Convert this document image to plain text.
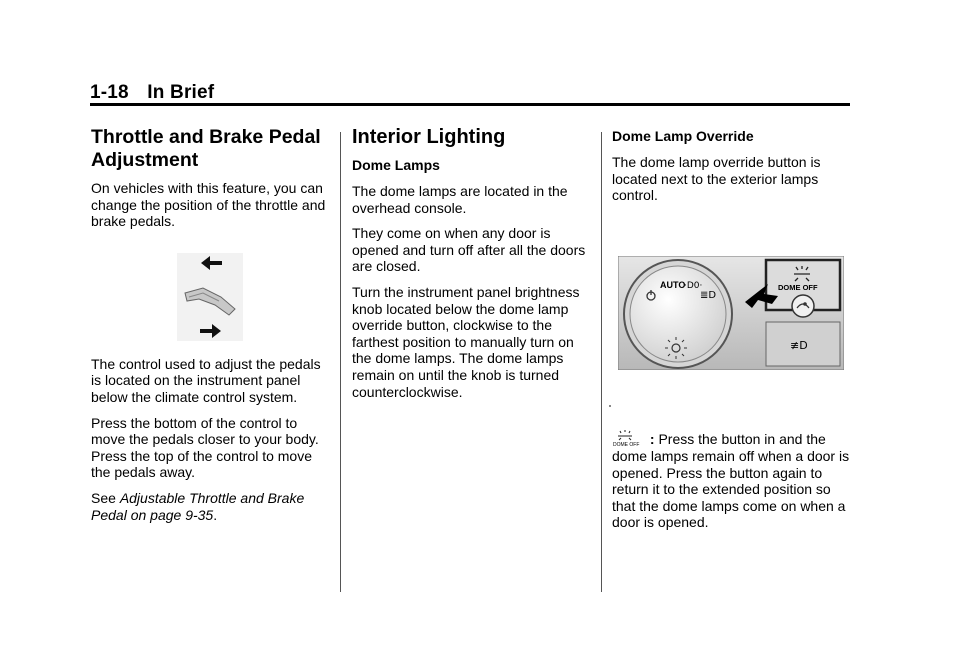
1-18 In Brief
Throttle and Brake Pedal Adjustment

On vehicles with this feature, you can change the position of the throttle and brake pedals.

The control used to adjust the pedals is located on the instrument panel below the climate control system.

Press the bottom of the control to move the pedals closer to your body. Press the top of the control to move the pedals away.

See Adjustable Throttle and Brake Pedal on page 9-35.

Interior Lighting
Dome Lamps

The dome lamps are located in the overhead console.

They come on when any door is opened and turn off after all the doors are closed.

Turn the instrument panel brightness knob located below the dome lamp override button, clockwise to the farthest position to manually turn on the dome lamps. The dome lamps remain on until the knob is turned counterclockwise.

Dome Lamp Override

The dome lamp override button is located next to the exterior lamps control.

AUTO
·D0·
≣D
DOME OFF
≢D

DOME OFF : Press the button in and the dome lamps remain off when a door is opened. Press the button again to return it to the extended position so that the dome lamps come on when a door is opened.
